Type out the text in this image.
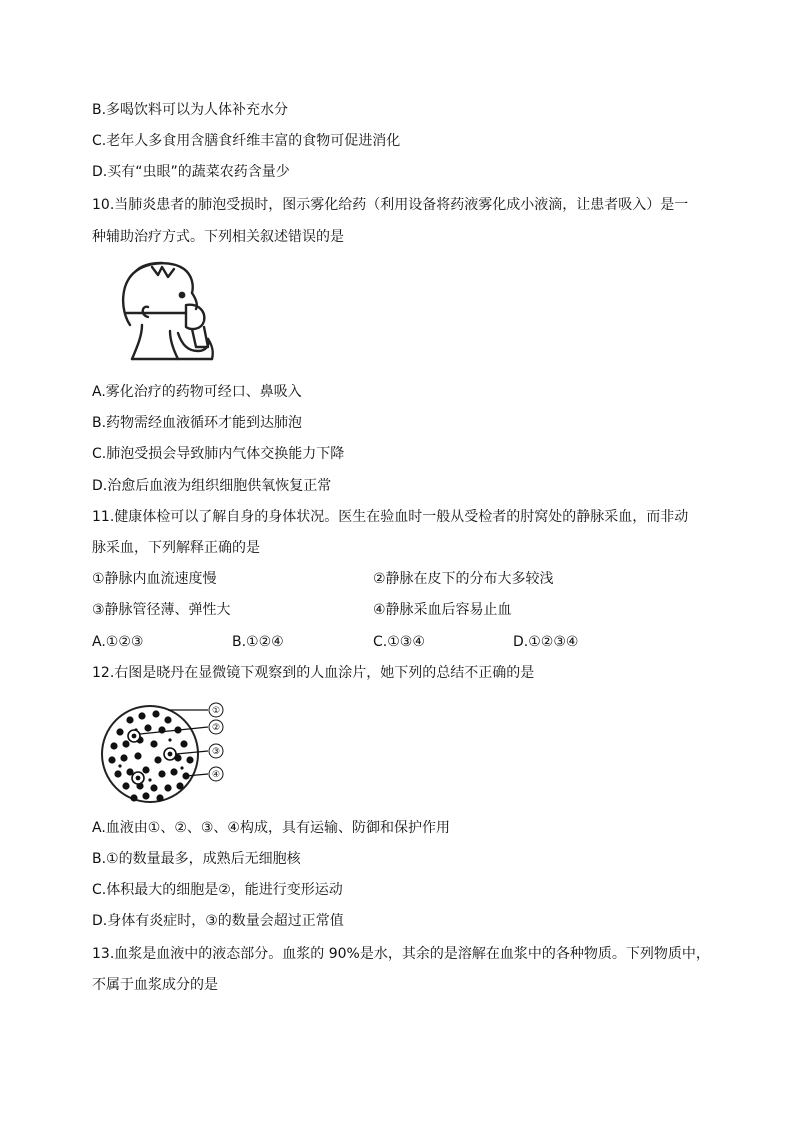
B.多喝饮料可以为人体补充水分

C.老年人多食用含膳食纤维丰富的食物可促进消化

D.买有“虫眼”的蔬菜农药含量少

10.当肺炎患者的肺泡受损时，图示雾化给药（利用设备将药液雾化成小液滴，让患者吸入）是一

种辅助治疗方式。下列相关叙述错误的是

A.雾化治疗的药物可经口、鼻吸入

B.药物需经血液循环才能到达肺泡

C.肺泡受损会导致肺内气体交换能力下降

D.治愈后血液为组织细胞供氧恢复正常

11.健康体检可以了解自身的身体状况。医生在验血时一般从受检者的肘窝处的静脉采血，而非动

脉采血，下列解释正确的是

①静脉内血流速度慢	②静脉在皮下的分布大多较浅

③静脉管径薄、弹性大	④静脉采血后容易止血

A.①②③	B.①②④	C.①③④	D.①②③④

12.右图是晓丹在显微镜下观察到的人血涂片，她下列的总结不正确的是

①
②
③
④

A.血液由①、②、③、④构成，具有运输、防御和保护作用

B.①的数量最多，成熟后无细胞核

C.体积最大的细胞是②，能进行变形运动

D.身体有炎症时，③的数量会超过正常值

13.血浆是血液中的液态部分。血浆的 90%是水，其余的是溶解在血浆中的各种物质。下列物质中，

不属于血浆成分的是
